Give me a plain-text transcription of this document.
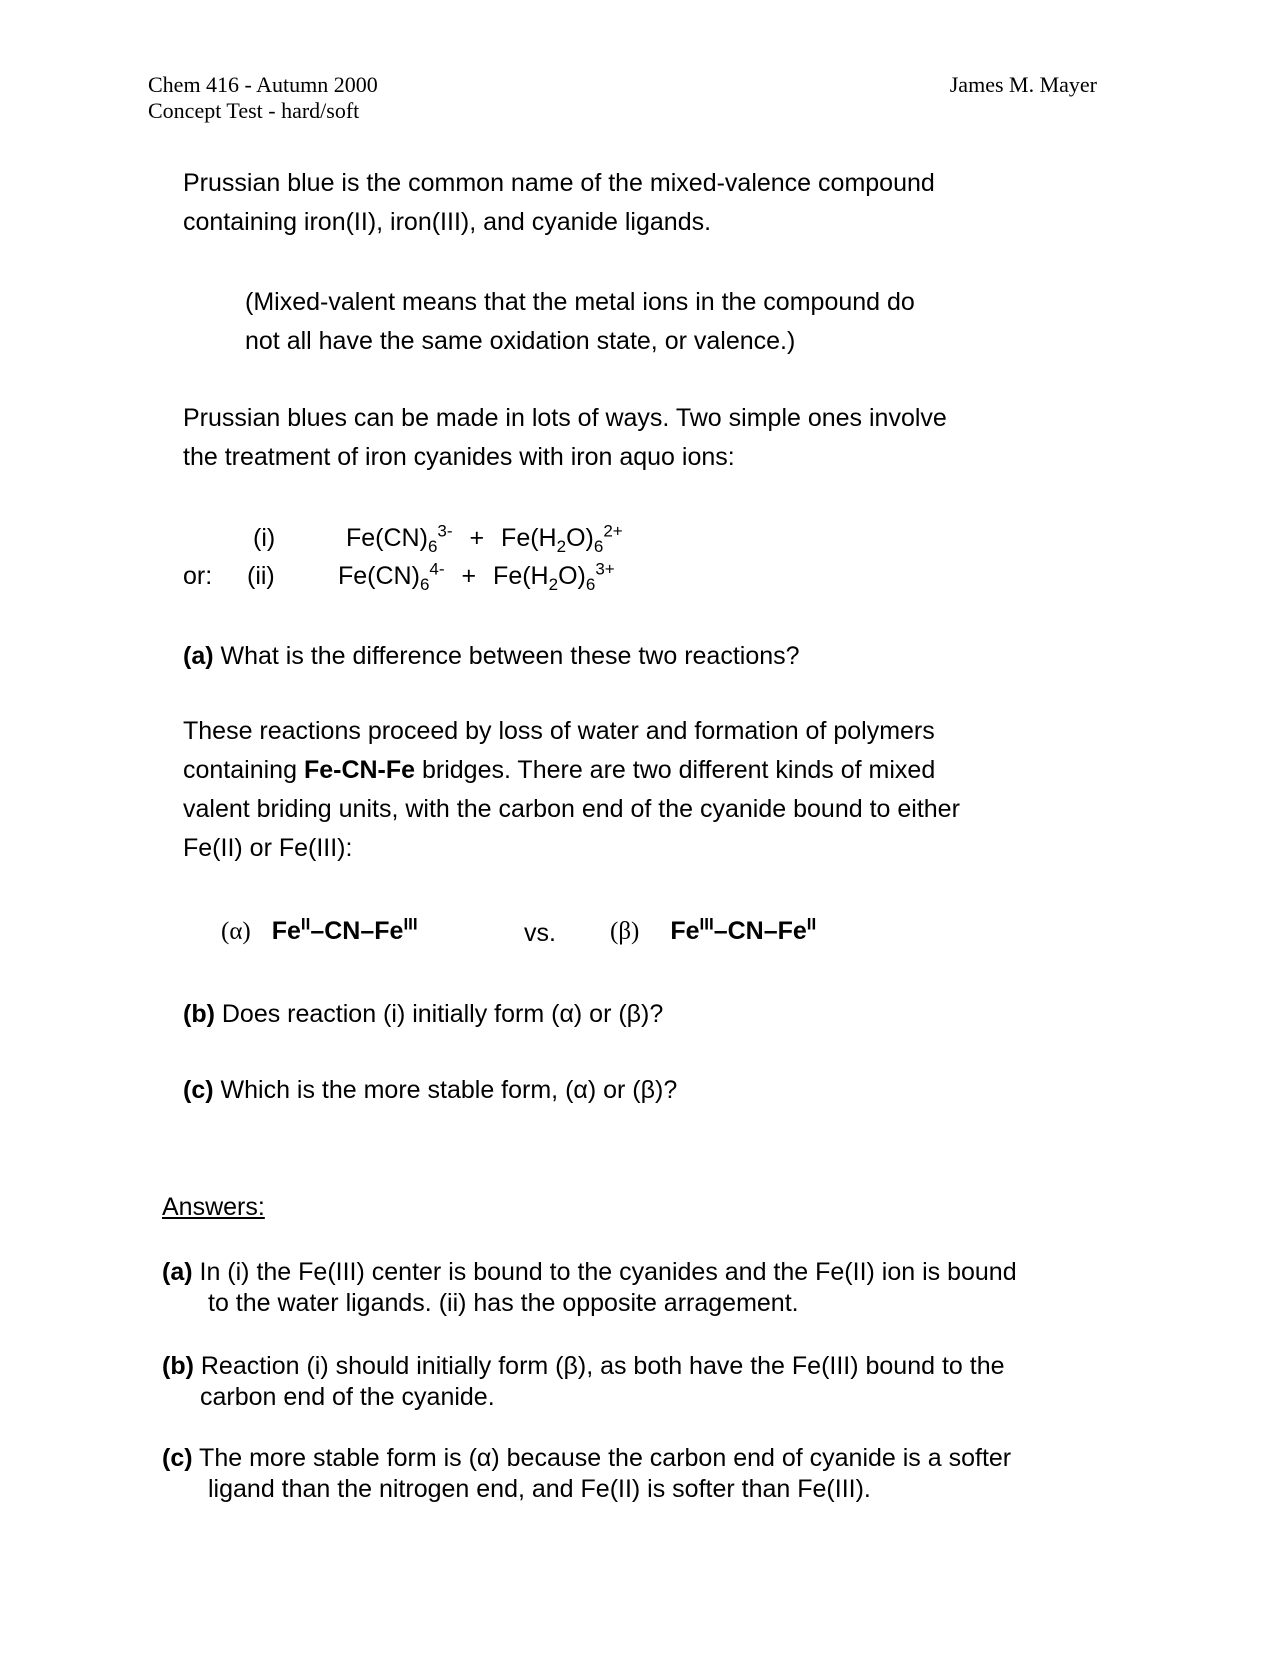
Chem 416 - Autumn 2000
Concept Test - hard/soft
James M. Mayer
Prussian blue is the common name of the mixed-valence compound
containing iron(II), iron(III), and cyanide ligands.
(Mixed-valent means that the metal ions in the compound do
not all have the same oxidation state, or valence.)
Prussian blues can be made in lots of ways. Two simple ones involve
the treatment of iron cyanides with iron aquo ions:
(i)	$Fe(CN)_6^{3-} + Fe(H_2O)_6^{2+}$
or: (ii)	$Fe(CN)_6^{4-} + Fe(H_2O)_6^{3+}$
(a) What is the difference between these two reactions?
These reactions proceed by loss of water and formation of polymers
containing Fe-CN-Fe bridges. There are two different kinds of mixed
valent briding units, with the carbon end of the cyanide bound to either
Fe(II) or Fe(III):
(α) $Fe^{II}-CN-Fe^{III}$	vs. (β) $Fe^{III}-CN-Fe^{II}$
(b) Does reaction (i) initially form (α) or (β)?
(c) Which is the more stable form, (α) or (β)?
Answers:
(a) In (i) the Fe(III) center is bound to the cyanides and the Fe(II) ion is bound
to the water ligands. (ii) has the opposite arragement.
(b) Reaction (i) should initially form (β), as both have the Fe(III) bound to the
carbon end of the cyanide.
(c) The more stable form is (α) because the carbon end of cyanide is a softer
ligand than the nitrogen end, and Fe(II) is softer than Fe(III).
